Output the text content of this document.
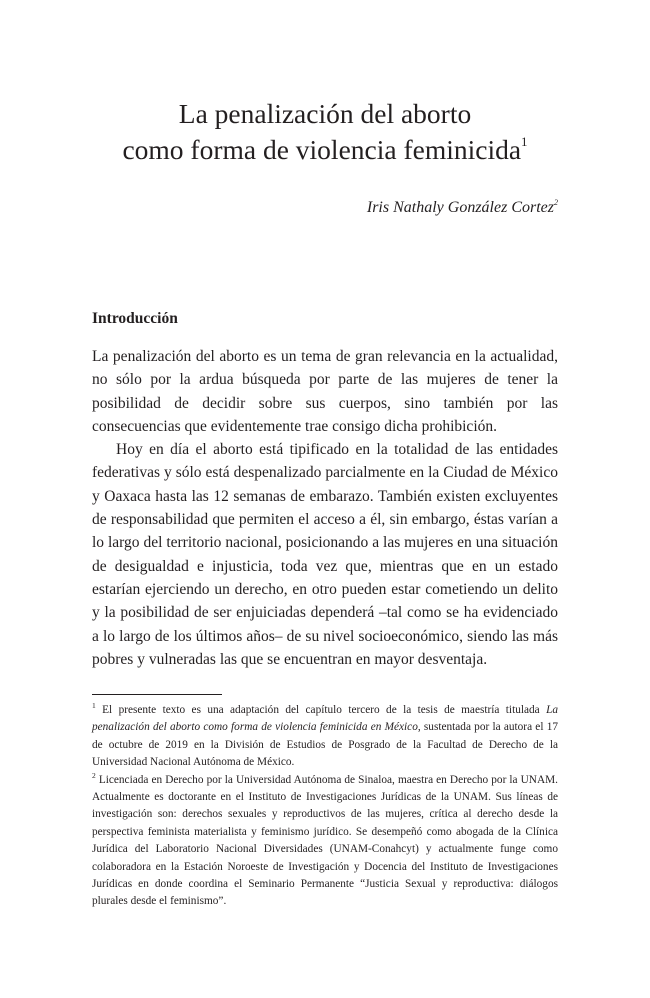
La penalización del aborto
como forma de violencia feminicida$^1$

Iris Nathaly González Cortez$^2$

Introducción

La penalización del aborto es un tema de gran relevancia en la actualidad, no sólo por la ardua búsqueda por parte de las mujeres de tener la posibilidad de decidir sobre sus cuerpos, sino también por las consecuencias que evidentemente trae consigo dicha prohibición.

Hoy en día el aborto está tipificado en la totalidad de las entidades federativas y sólo está despenalizado parcialmente en la Ciudad de México y Oaxaca hasta las 12 semanas de embarazo. También existen excluyentes de responsabilidad que permiten el acceso a él, sin embargo, éstas varían a lo largo del territorio nacional, posicionando a las mujeres en una situación de desigualdad e injusticia, toda vez que, mientras que en un estado estarían ejerciendo un derecho, en otro pueden estar cometiendo un delito y la posibilidad de ser enjuiciadas dependerá –tal como se ha evidenciado a lo largo de los últimos años– de su nivel socioeconómico, siendo las más pobres y vulneradas las que se encuentran en mayor desventaja.

$^1$ El presente texto es una adaptación del capítulo tercero de la tesis de maestría titulada La penalización del aborto como forma de violencia feminicida en México, sustentada por la autora el 17 de octubre de 2019 en la División de Estudios de Posgrado de la Facultad de Derecho de la Universidad Nacional Autónoma de México.

$^2$ Licenciada en Derecho por la Universidad Autónoma de Sinaloa, maestra en Derecho por la UNAM. Actualmente es doctorante en el Instituto de Investigaciones Jurídicas de la UNAM. Sus líneas de investigación son: derechos sexuales y reproductivos de las mujeres, crítica al derecho desde la perspectiva feminista materialista y feminismo jurídico. Se desempeñó como abogada de la Clínica Jurídica del Laboratorio Nacional Diversidades (UNAM-Conahcyt) y actualmente funge como colaboradora en la Estación Noroeste de Investigación y Docencia del Instituto de Investigaciones Jurídicas en donde coordina el Seminario Permanente “Justicia Sexual y reproductiva: diálogos plurales desde el feminismo”.
